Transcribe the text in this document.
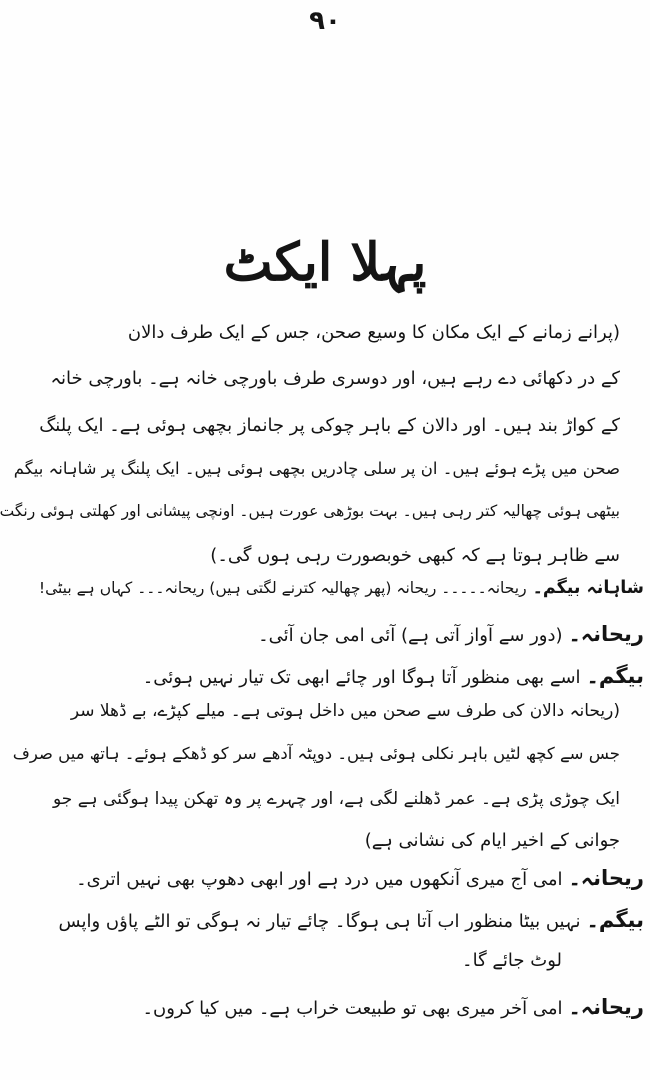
۹۰
پہلا ایکٹ
(پرانے زمانے کے ایک مکان کا وسیع صحن، جس کے ایک طرف دالان
کے در دکھائی دے رہے ہیں، اور دوسری طرف باورچی خانہ ہے۔ باورچی خانہ
کے کواڑ بند ہیں۔ اور دالان کے باہر چوکی پر جانماز بچھی ہوئی ہے۔ ایک پلنگ
صحن میں پڑے ہوئے ہیں۔ ان پر سلی چادریں بچھی ہوئی ہیں۔ ایک پلنگ پر شاہانہ بیگم
بیٹھی ہوئی چھالیہ کتر رہی ہیں۔ بہت بوڑھی عورت ہیں۔ اونچی پیشانی اور کھلتی ہوئی رنگت
سے ظاہر ہوتا ہے کہ کبھی خوبصورت رہی ہوں گی۔)
شاہانہ بیگم۔ریحانہ۔۔۔۔۔ ریحانہ (پھر چھالیہ کترنے لگتی ہیں) ریحانہ۔۔۔ کہاں ہے بیٹی!
ریحانہ۔(دور سے آواز آتی ہے) آئی امی جان آئی۔
بیگم۔اسے بھی منظور آتا ہوگا اور چائے ابھی تک تیار نہیں ہوئی۔
(ریحانہ دالان کی طرف سے صحن میں داخل ہوتی ہے۔ میلے کپڑے، بے ڈھلا سر
جس سے کچھ لٹیں باہر نکلی ہوئی ہیں۔ دوپٹہ آدھے سر کو ڈھکے ہوئے۔ ہاتھ میں صرف
ایک چوڑی پڑی ہے۔ عمر ڈھلنے لگی ہے، اور چہرے پر وہ تھکن پیدا ہوگئی ہے جو
جوانی کے اخیر ایام کی نشانی ہے)
ریحانہ۔امی آج میری آنکھوں میں درد ہے اور ابھی دھوپ بھی نہیں اتری۔
بیگم۔نہیں بیٹا منظور اب آتا ہی ہوگا۔ چائے تیار نہ ہوگی تو الٹے پاؤں واپس
لوٹ جائے گا۔
ریحانہ۔امی آخر میری بھی تو طبیعت خراب ہے۔ میں کیا کروں۔
